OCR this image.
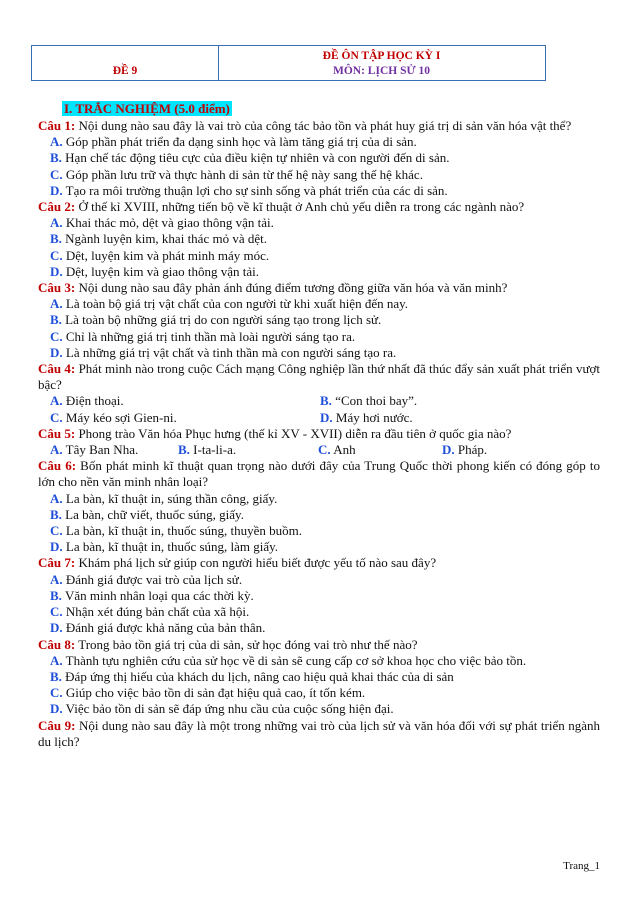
ĐỀ 9
ĐỀ ÔN TẬP HỌC KỲ I
MÔN: LỊCH SỬ 10
I. TRẮC NGHIỆM (5.0 điểm)
Câu 1: Nội dung nào sau đây là vai trò của công tác bảo tồn và phát huy giá trị di sản văn hóa vật thể?
A. Góp phần phát triển đa dạng sinh học và làm tăng giá trị của di sản.
B. Hạn chế tác động tiêu cực của điều kiện tự nhiên và con người đến di sản.
C. Góp phần lưu trữ và thực hành di sản từ thế hệ này sang thế hệ khác.
D. Tạo ra môi trường thuận lợi cho sự sinh sống và phát triển của các di sản.
Câu 2: Ở thế kỉ XVIII, những tiến bộ về kĩ thuật ở Anh chủ yếu diễn ra trong các ngành nào?
A. Khai thác mỏ, dệt và giao thông vận tải.
B. Ngành luyện kim, khai thác mỏ và dệt.
C. Dệt, luyện kim và phát minh máy móc.
D. Dệt, luyện kim và giao thông vận tải.
Câu 3: Nội dung nào sau đây phản ánh đúng điểm tương đồng giữa văn hóa và văn minh?
A. Là toàn bộ giá trị vật chất của con người từ khi xuất hiện đến nay.
B. Là toàn bộ những giá trị do con người sáng tạo trong lịch sử.
C. Chỉ là những giá trị tinh thần mà loài người sáng tạo ra.
D. Là những giá trị vật chất và tinh thần mà con người sáng tạo ra.
Câu 4: Phát minh nào trong cuộc Cách mạng Công nghiệp lần thứ nhất đã thúc đẩy sản xuất phát triển vượt bậc?
A. Điện thoại.	B. “Con thoi bay”.
C. Máy kéo sợi Gien-ni.	D. Máy hơi nước.
Câu 5: Phong trào Văn hóa Phục hưng (thế kỉ XV - XVII) diễn ra đầu tiên ở quốc gia nào?
A. Tây Ban Nha.	B. I-ta-li-a.	C. Anh	D. Pháp.
Câu 6: Bốn phát minh kĩ thuật quan trọng nào dưới đây của Trung Quốc thời phong kiến có đóng góp to lớn cho nền văn minh nhân loại?
A. La bàn, kĩ thuật in, súng thần công, giấy.
B. La bàn, chữ viết, thuốc súng, giấy.
C. La bàn, kĩ thuật in, thuốc súng, thuyền buồm.
D. La bàn, kĩ thuật in, thuốc súng, làm giấy.
Câu 7: Khám phá lịch sử giúp con người hiểu biết được yếu tố nào sau đây?
A. Đánh giá được vai trò của lịch sử.
B. Văn minh nhân loại qua các thời kỳ.
C. Nhận xét đúng bản chất của xã hội.
D. Đánh giá được khả năng của bản thân.
Câu 8: Trong bảo tồn giá trị của di sản, sử học đóng vai trò như thế nào?
A. Thành tựu nghiên cứu của sử học về di sản sẽ cung cấp cơ sở khoa học cho việc bảo tồn.
B. Đáp ứng thị hiếu của khách du lịch, nâng cao hiệu quả khai thác của di sản
C. Giúp cho việc bảo tồn di sản đạt hiệu quả cao, ít tốn kém.
D. Việc bảo tồn di sản sẽ đáp ứng nhu cầu của cuộc sống hiện đại.
Câu 9: Nội dung nào sau đây là một trong những vai trò của lịch sử và văn hóa đối với sự phát triển ngành du lịch?
Trang_1
